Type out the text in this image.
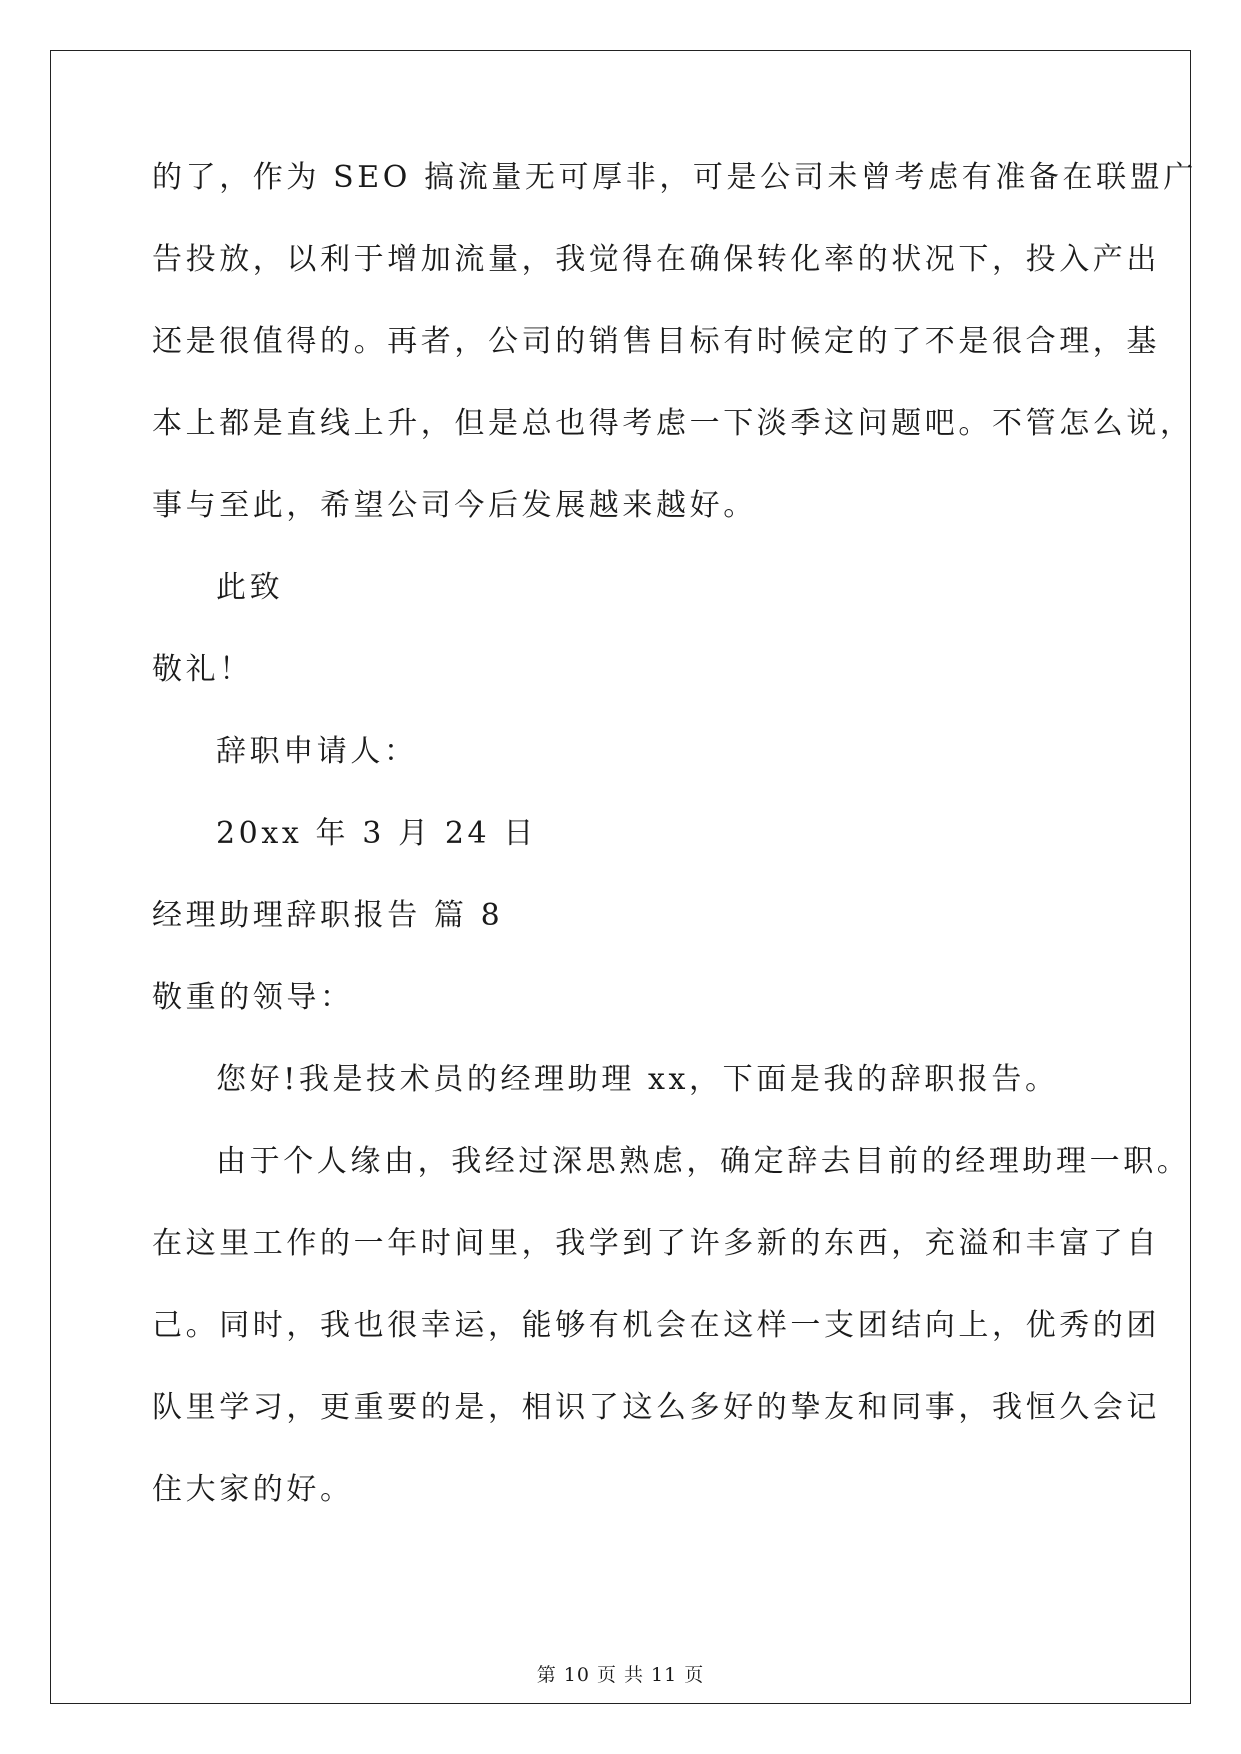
的了，作为 SEO 搞流量无可厚非，可是公司未曾考虑有准备在联盟广
告投放，以利于增加流量，我觉得在确保转化率的状况下，投入产出
还是很值得的。再者，公司的销售目标有时候定的了不是很合理，基
本上都是直线上升，但是总也得考虑一下淡季这问题吧。不管怎么说，
事与至此，希望公司今后发展越来越好。
此致
敬礼！
辞职申请人：
20xx 年 3 月 24 日
经理助理辞职报告 篇 8
敬重的领导：
您好!我是技术员的经理助理 xx，下面是我的辞职报告。
由于个人缘由，我经过深思熟虑，确定辞去目前的经理助理一职。
在这里工作的一年时间里，我学到了许多新的东西，充溢和丰富了自
己。同时，我也很幸运，能够有机会在这样一支团结向上，优秀的团
队里学习，更重要的是，相识了这么多好的挚友和同事，我恒久会记
住大家的好。
第 10 页 共 11 页
